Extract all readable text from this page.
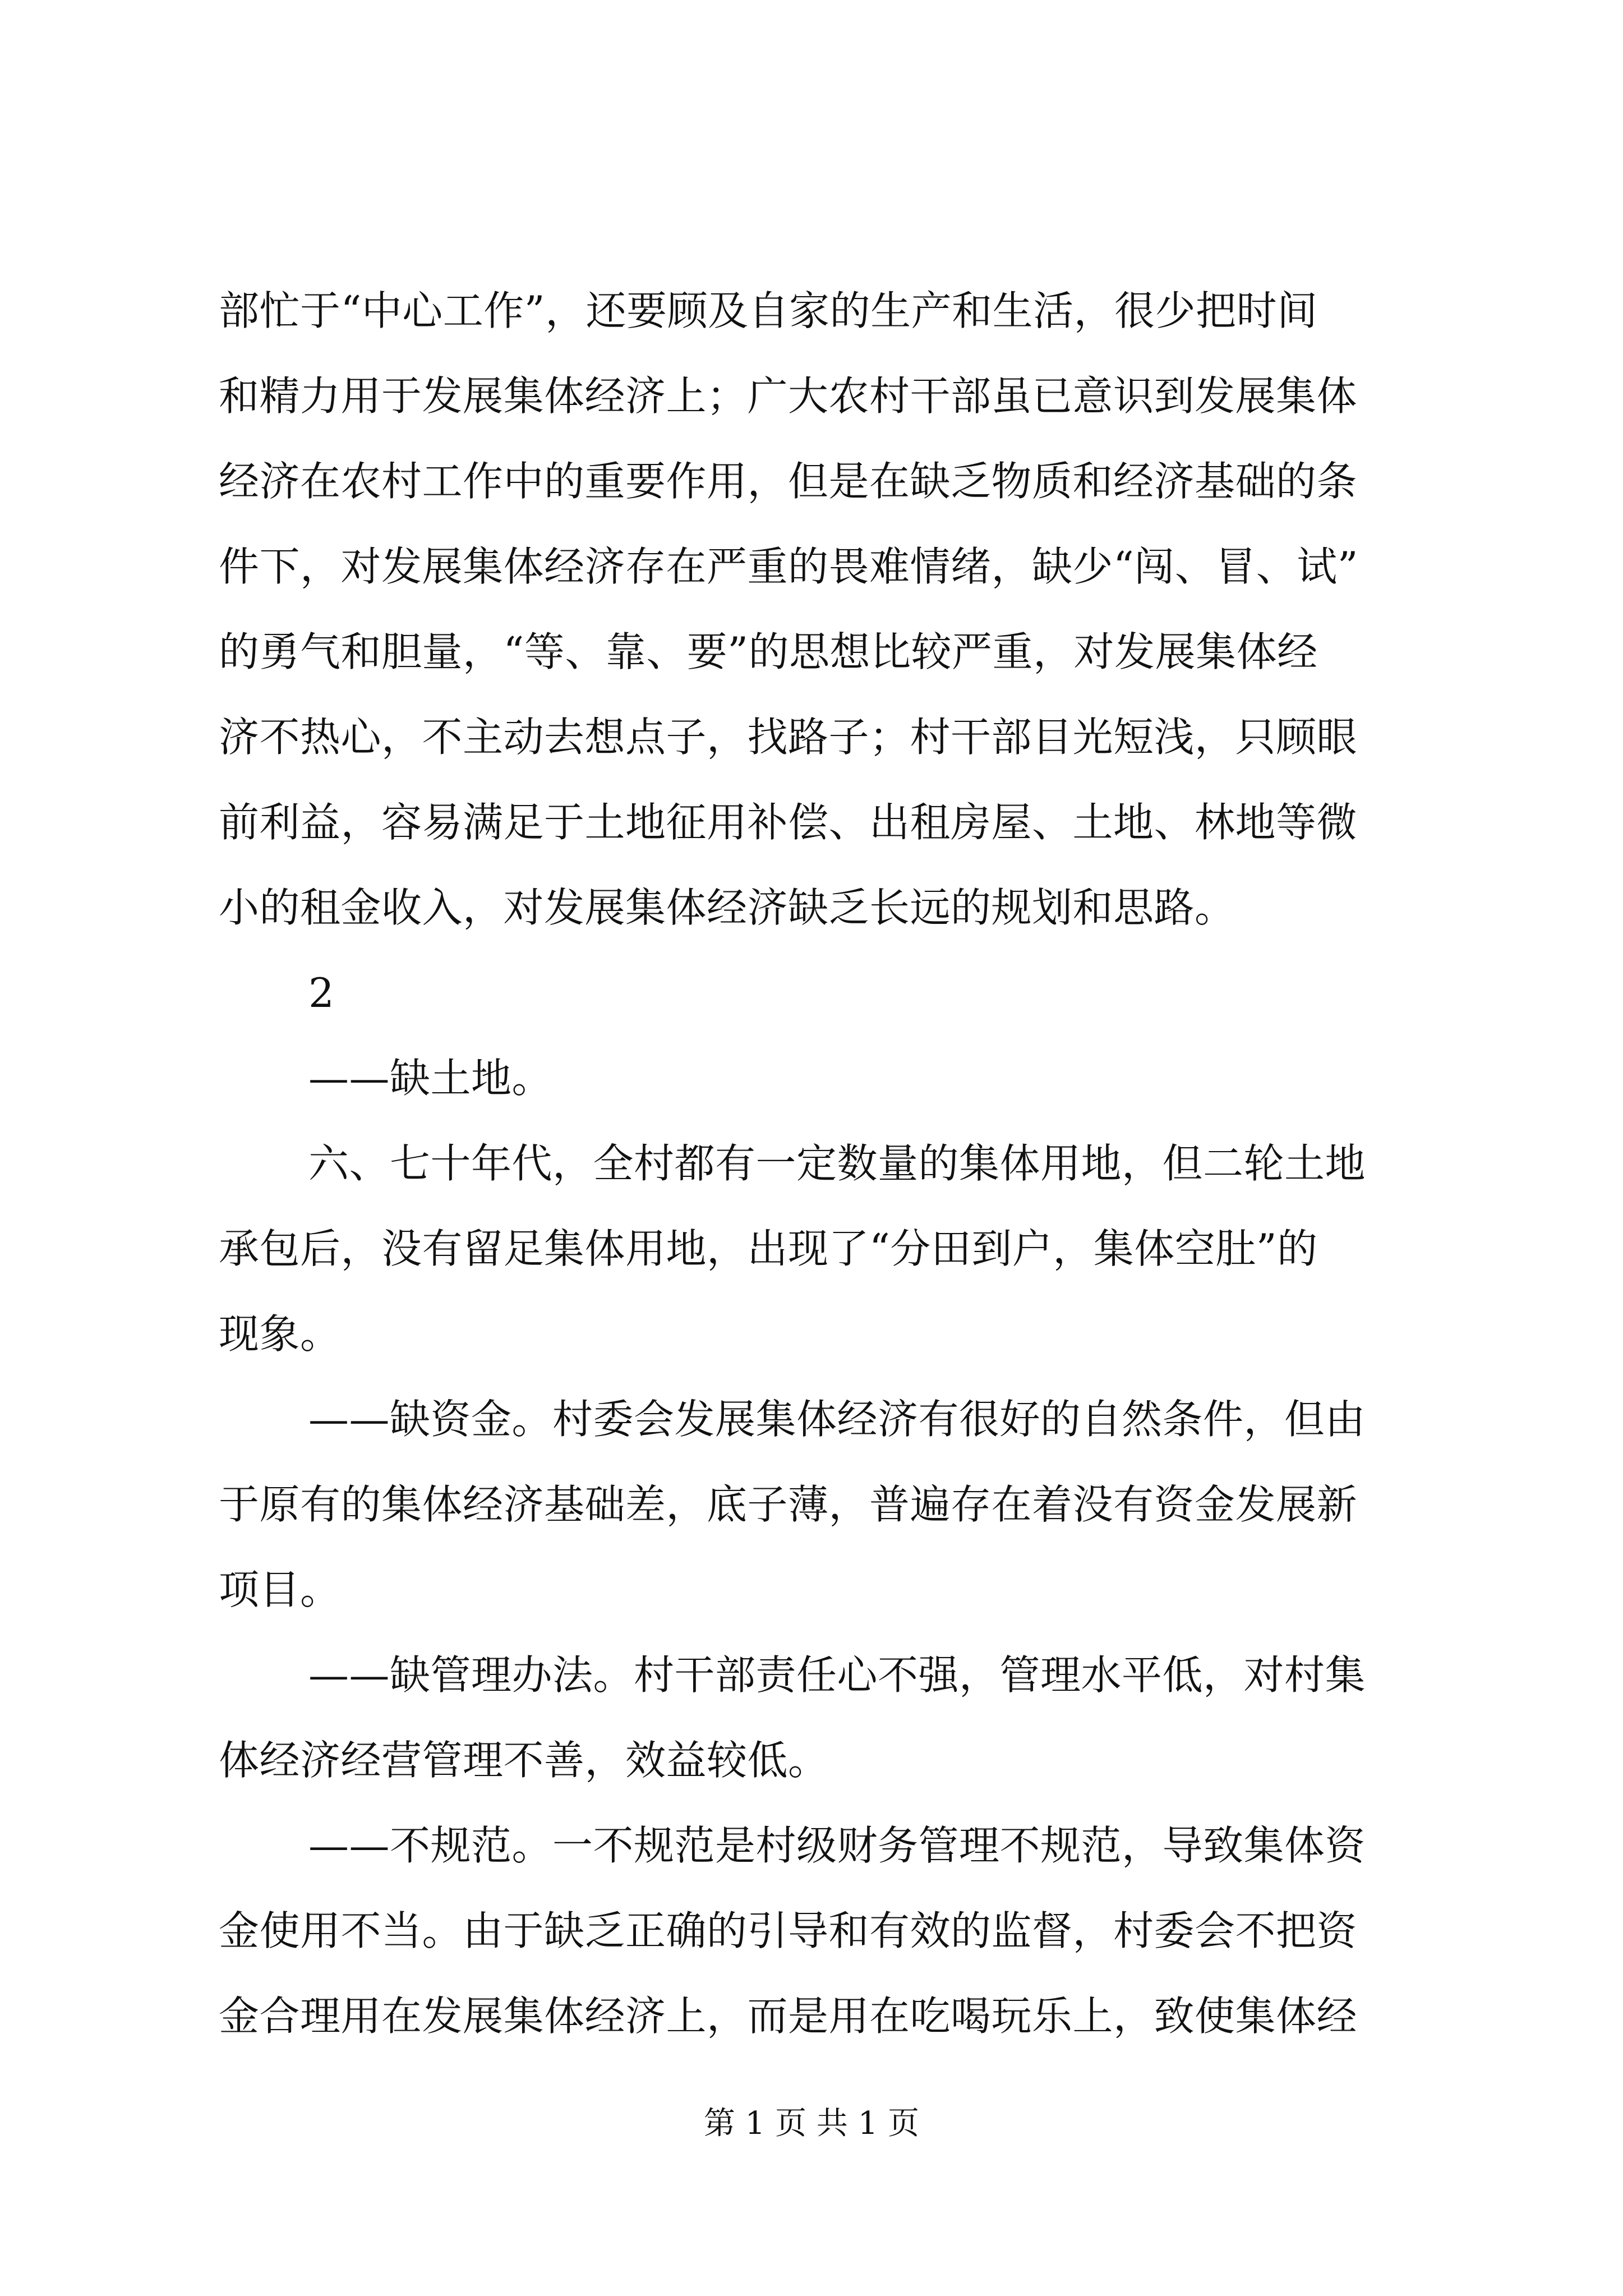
部忙于“中心工作”，还要顾及自家的生产和生活，很少把时间
和精力用于发展集体经济上；广大农村干部虽已意识到发展集体
经济在农村工作中的重要作用，但是在缺乏物质和经济基础的条
件下，对发展集体经济存在严重的畏难情绪，缺少“闯、冒、试”
的勇气和胆量，“等、靠、要”的思想比较严重，对发展集体经
济不热心，不主动去想点子，找路子；村干部目光短浅，只顾眼
前利益，容易满足于土地征用补偿、出租房屋、土地、林地等微
小的租金收入，对发展集体经济缺乏长远的规划和思路。
2
——缺土地。
六、七十年代，全村都有一定数量的集体用地，但二轮土地
承包后，没有留足集体用地，出现了“分田到户，集体空肚”的
现象。
——缺资金。村委会发展集体经济有很好的自然条件，但由
于原有的集体经济基础差，底子薄，普遍存在着没有资金发展新
项目。
——缺管理办法。村干部责任心不强，管理水平低，对村集
体经济经营管理不善，效益较低。
——不规范。一不规范是村级财务管理不规范，导致集体资
金使用不当。由于缺乏正确的引导和有效的监督，村委会不把资
金合理用在发展集体经济上，而是用在吃喝玩乐上，致使集体经
第 1 页 共 1 页
